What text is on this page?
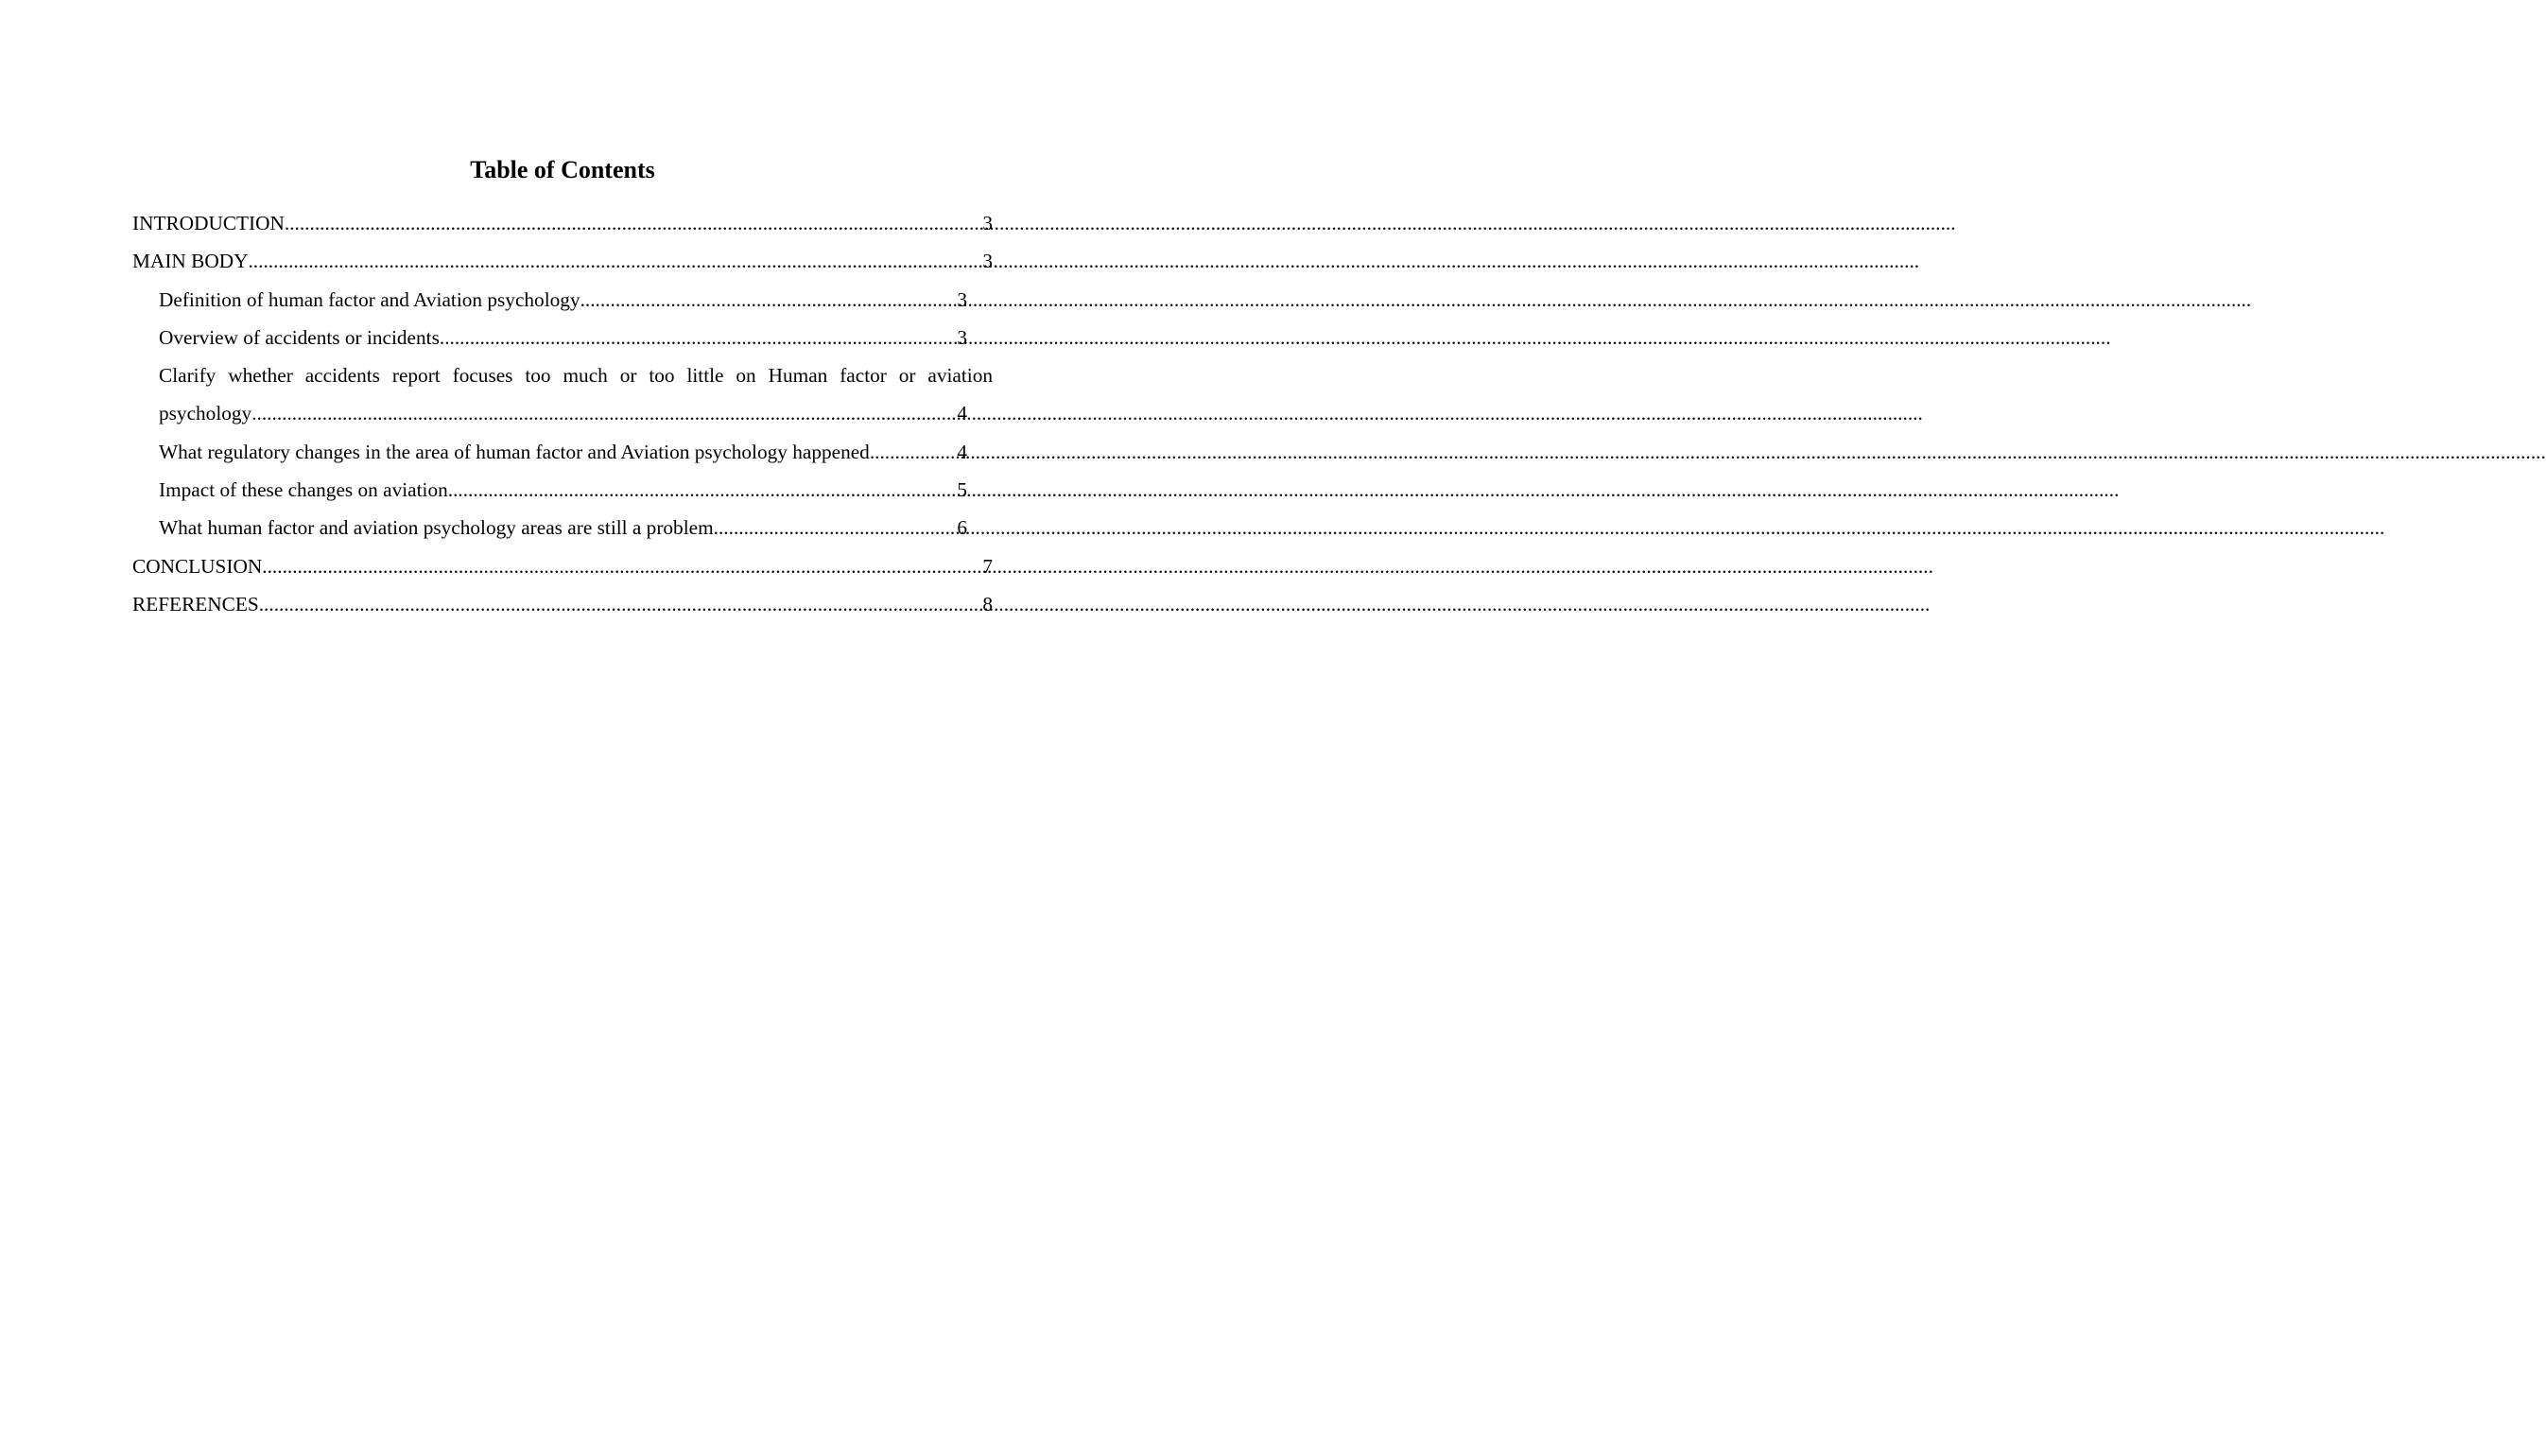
Table of Contents
INTRODUCTION .....	3
MAIN BODY .....	3
Definition of human factor and Aviation psychology .....	3
Overview of accidents or incidents .....	3
Clarify whether accidents report focuses too much or too little on Human factor or aviation
psychology .....	4
What regulatory changes in the area of human factor and Aviation psychology happened. .....	4
Impact of these changes on aviation .....	5
What human factor and aviation psychology areas are still a problem .....	6
CONCLUSION .....	7
REFERENCES .....	8
